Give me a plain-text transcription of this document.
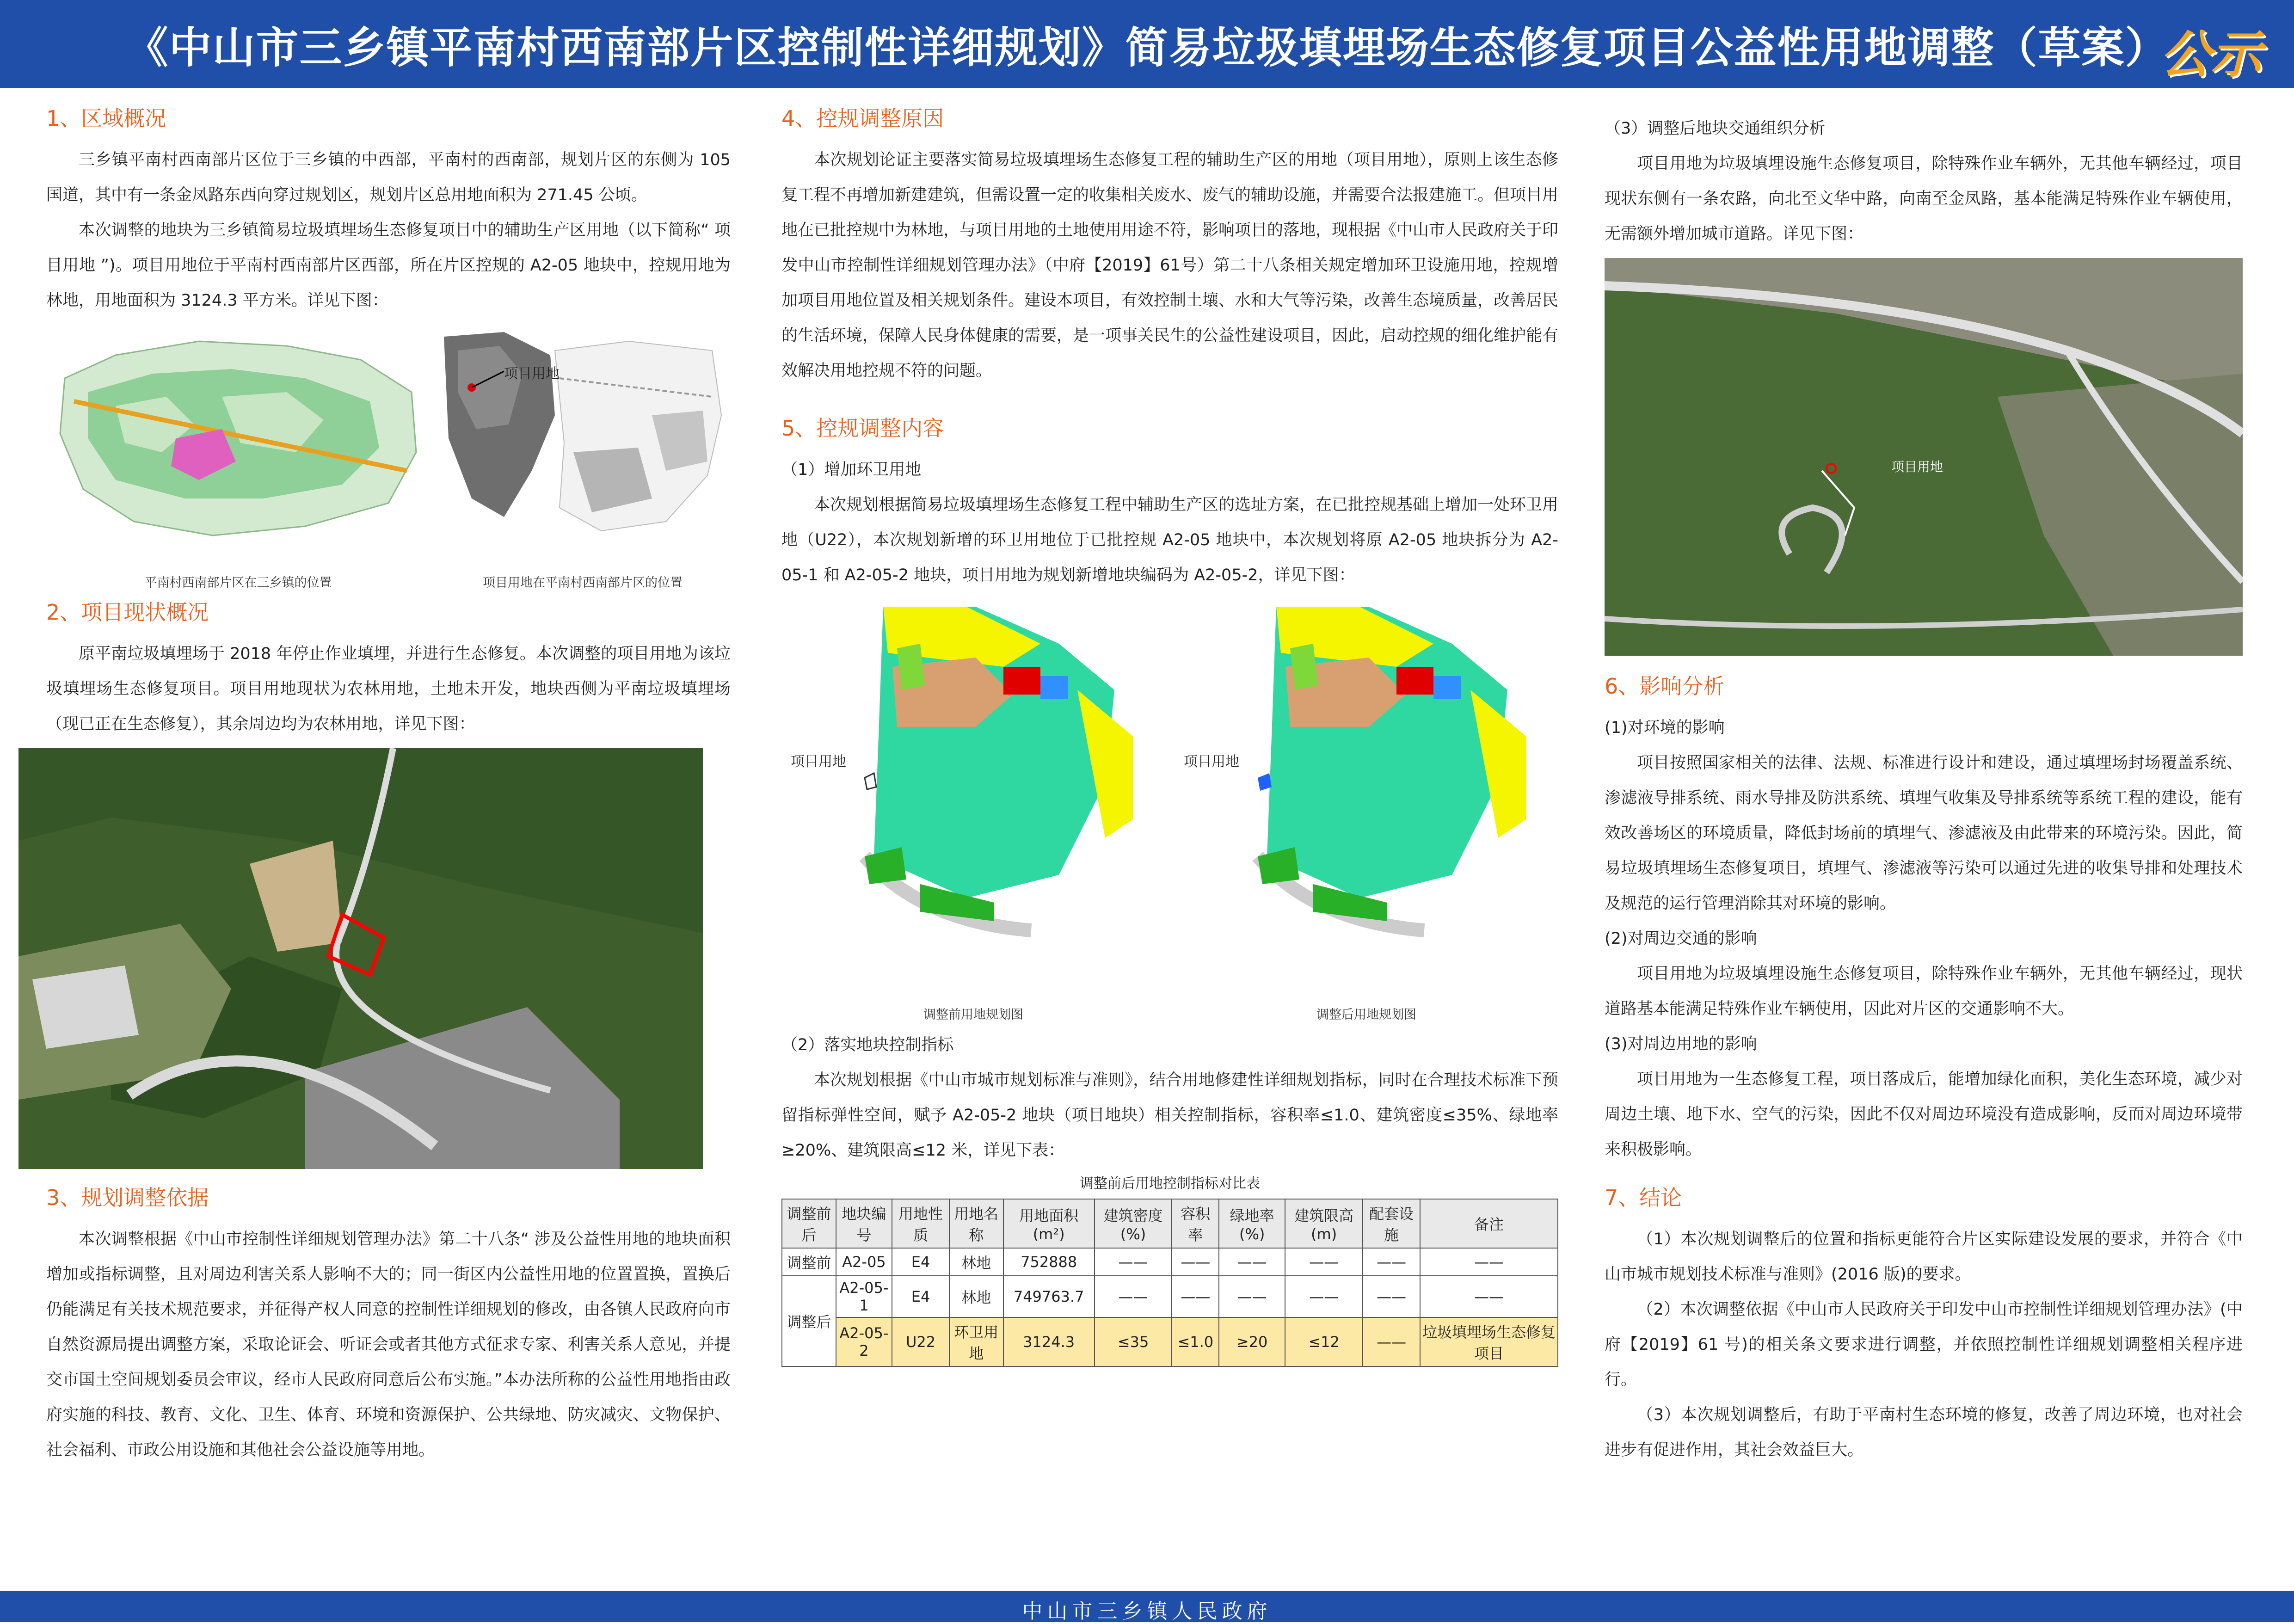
《中山市三乡镇平南村西南部片区控制性详细规划》简易垃圾填埋场生态修复项目公益性用地调整（草案）
公示
1、区域概况

三乡镇平南村西南部片区位于三乡镇的中西部，平南村的西南部，规划片区的东侧为 105 国道，其中有一条金凤路东西向穿过规划区，规划片区总用地面积为 271.45 公顷。

本次调整的地块为三乡镇简易垃圾填埋场生态修复项目中的辅助生产区用地（以下简称“ 项目用地 ”)。项目用地位于平南村西南部片区西部，所在片区控规的 A2-05 地块中，控规用地为林地，用地面积为 3124.3 平方米。详见下图：

项目用地
平南村西南部片区在三乡镇的位置	项目用地在平南村西南部片区的位置
2、项目现状概况

原平南垃圾填埋场于 2018 年停止作业填埋，并进行生态修复。本次调整的项目用地为该垃圾填埋场生态修复项目。项目用地现状为农林用地，土地未开发，地块西侧为平南垃圾填埋场（现已正在生态修复），其余周边均为农林用地，详见下图：

3、规划调整依据

本次调整根据《中山市控制性详细规划管理办法》第二十八条“ 涉及公益性用地的地块面积增加或指标调整，且对周边利害关系人影响不大的；同一街区内公益性用地的位置置换，置换后仍能满足有关技术规范要求，并征得产权人同意的控制性详细规划的修改，由各镇人民政府向市自然资源局提出调整方案，采取论证会、听证会或者其他方式征求专家、利害关系人意见，并提交市国土空间规划委员会审议，经市人民政府同意后公布实施。”本办法所称的公益性用地指由政府实施的科技、教育、文化、卫生、体育、环境和资源保护、公共绿地、防灾减灾、文物保护、社会福利、市政公用设施和其他社会公益设施等用地。

4、控规调整原因

本次规划论证主要落实简易垃圾填埋场生态修复工程的辅助生产区的用地（项目用地），原则上该生态修复工程不再增加新建建筑，但需设置一定的收集相关废水、废气的辅助设施，并需要合法报建施工。但项目用地在已批控规中为林地，与项目用地的土地使用用途不符，影响项目的落地，现根据《中山市人民政府关于印发中山市控制性详细规划管理办法》（中府【2019】61号）第二十八条相关规定增加环卫设施用地，控规增加项目用地位置及相关规划条件。建设本项目，有效控制土壤、水和大气等污染，改善生态境质量，改善居民的生活环境，保障人民身体健康的需要，是一项事关民生的公益性建设项目，因此，启动控规的细化维护能有效解决用地控规不符的问题。

5、控规调整内容
（1）增加环卫用地

本次规划根据简易垃圾填埋场生态修复工程中辅助生产区的选址方案，在已批控规基础上增加一处环卫用地（U22），本次规划新增的环卫用地位于已批控规 A2-05 地块中，本次规划将原 A2-05 地块拆分为 A2-05-1 和 A2-05-2 地块，项目用地为规划新增地块编码为 A2-05-2，详见下图：

项目用地	项目用地
调整前用地规划图	调整后用地规划图
（2）落实地块控制指标

本次规划根据《中山市城市规划标准与准则》，结合用地修建性详细规划指标，同时在合理技术标准下预留指标弹性空间，赋予 A2-05-2 地块（项目地块）相关控制指标，容积率≤1.0、建筑密度≤35%、绿地率≥20%、建筑限高≤12 米，详见下表：

调整前后用地控制指标对比表
调整前后	地块编号	用地性质	用地名称	用地面积(m²)	建筑密度(%)	容积率	绿地率(%)	建筑限高(m)	配套设施	备注
调整前	A2-05	E4	林地	752888	——	——	——	——	——	——
调整后	A2-05-1	E4	林地	749763.7	——	——	——	——	——	——
	A2-05-2	U22	环卫用地	3124.3	≤35	≤1.0	≥20	≤12	——	垃圾填埋场生态修复项目
（3）调整后地块交通组织分析

项目用地为垃圾填埋设施生态修复项目，除特殊作业车辆外，无其他车辆经过，项目现状东侧有一条农路，向北至文华中路，向南至金凤路，基本能满足特殊作业车辆使用，无需额外增加城市道路。详见下图：

项目用地
6、影响分析
(1)对环境的影响

项目按照国家相关的法律、法规、标准进行设计和建设，通过填埋场封场覆盖系统、渗滤液导排系统、雨水导排及防洪系统、填埋气收集及导排系统等系统工程的建设，能有效改善场区的环境质量，降低封场前的填埋气、渗滤液及由此带来的环境污染。因此，简易垃圾填埋场生态修复项目，填埋气、渗滤液等污染可以通过先进的收集导排和处理技术及规范的运行管理消除其对环境的影响。

(2)对周边交通的影响

项目用地为垃圾填埋设施生态修复项目，除特殊作业车辆外，无其他车辆经过，现状道路基本能满足特殊作业车辆使用，因此对片区的交通影响不大。

(3)对周边用地的影响

项目用地为一生态修复工程，项目落成后，能增加绿化面积，美化生态环境，减少对周边土壤、地下水、空气的污染，因此不仅对周边环境没有造成影响，反而对周边环境带来积极影响。

7、结论

（1）本次规划调整后的位置和指标更能符合片区实际建设发展的要求，并符合《中山市城市规划技术标准与准则》(2016 版)的要求。

（2）本次调整依据《中山市人民政府关于印发中山市控制性详细规划管理办法》(中府【2019】61 号)的相关条文要求进行调整，并依照控制性详细规划调整相关程序进行。

（3）本次规划调整后，有助于平南村生态环境的修复，改善了周边环境，也对社会进步有促进作用，其社会效益巨大。

中山市三乡镇人民政府
